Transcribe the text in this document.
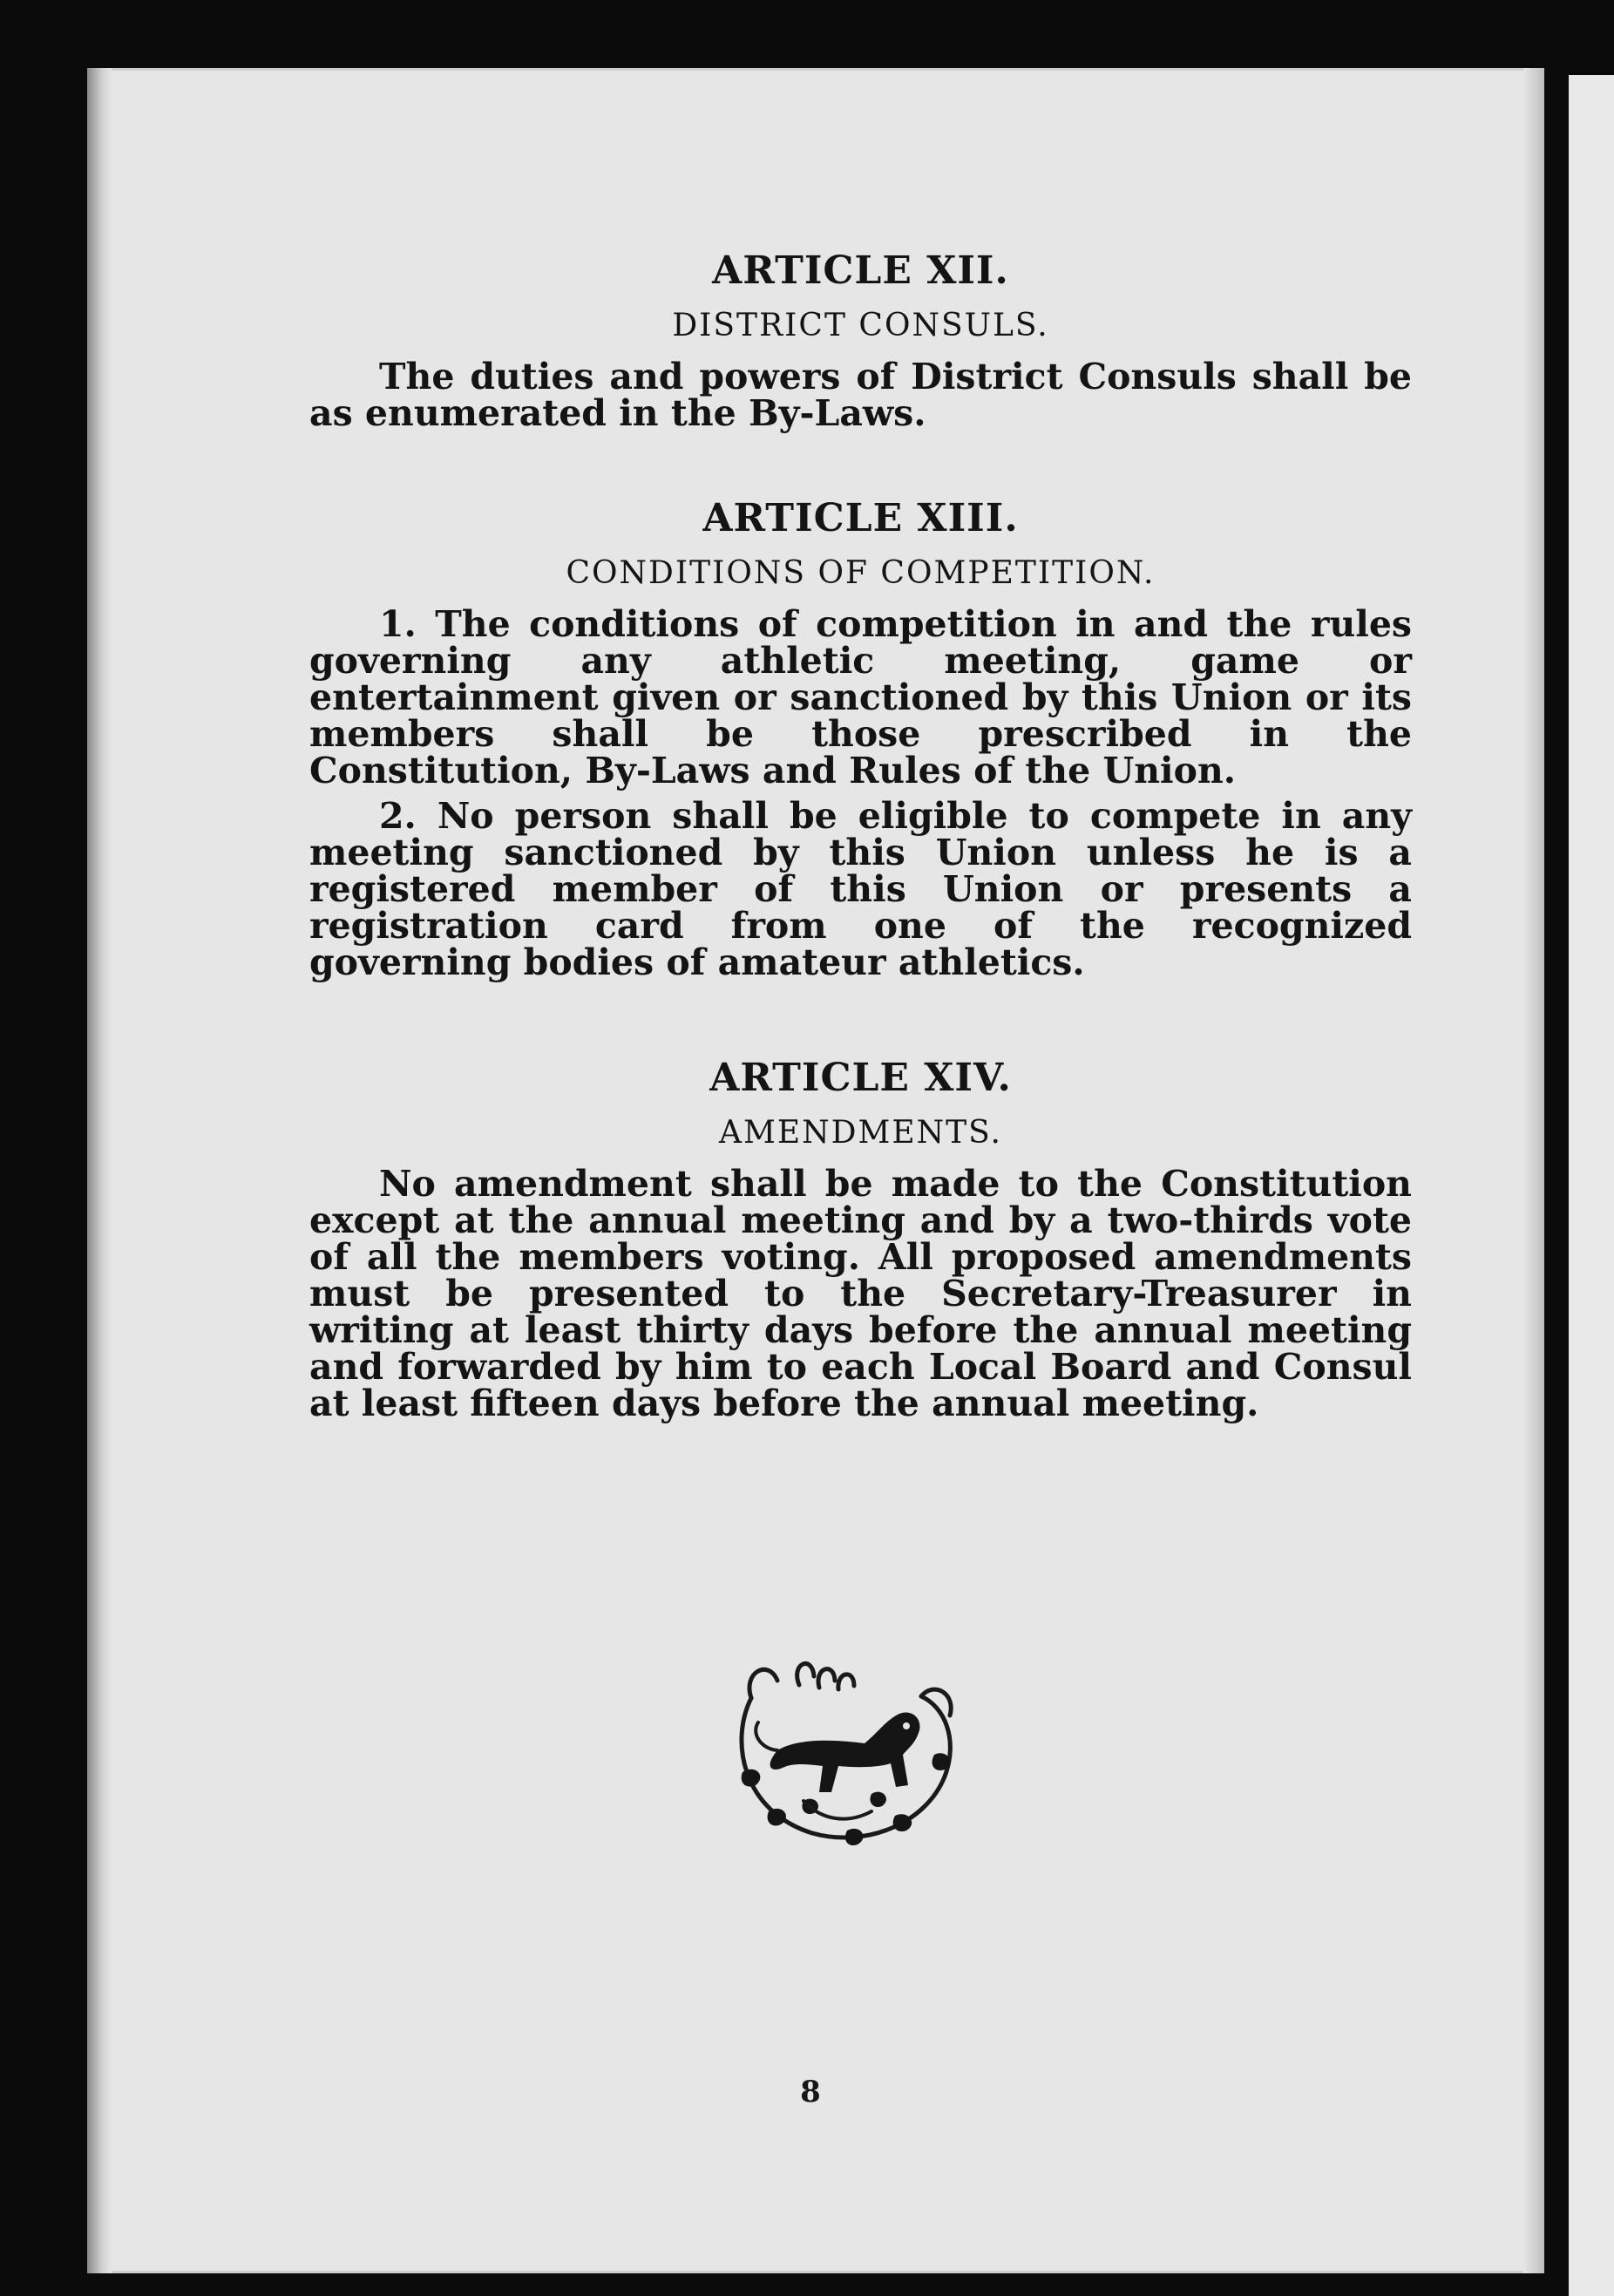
ARTICLE XII.
DISTRICT CONSULS.

The duties and powers of District Consuls shall be as enumerated in the By-Laws.

ARTICLE XIII.
CONDITIONS OF COMPETITION.

1. The conditions of competition in and the rules governing any athletic meeting, game or entertainment given or sanctioned by this Union or its members shall be those prescribed in the Constitution, By-Laws and Rules of the Union.

2. No person shall be eligible to compete in any meeting sanctioned by this Union unless he is a registered member of this Union or presents a registration card from one of the recognized governing bodies of amateur athletics.

ARTICLE XIV.
AMENDMENTS.

No amendment shall be made to the Constitution except at the annual meeting and by a two-thirds vote of all the members voting. All proposed amendments must be presented to the Secretary-Treasurer in writing at least thirty days before the annual meeting and forwarded by him to each Local Board and Consul at least fifteen days before the annual meeting.

8
